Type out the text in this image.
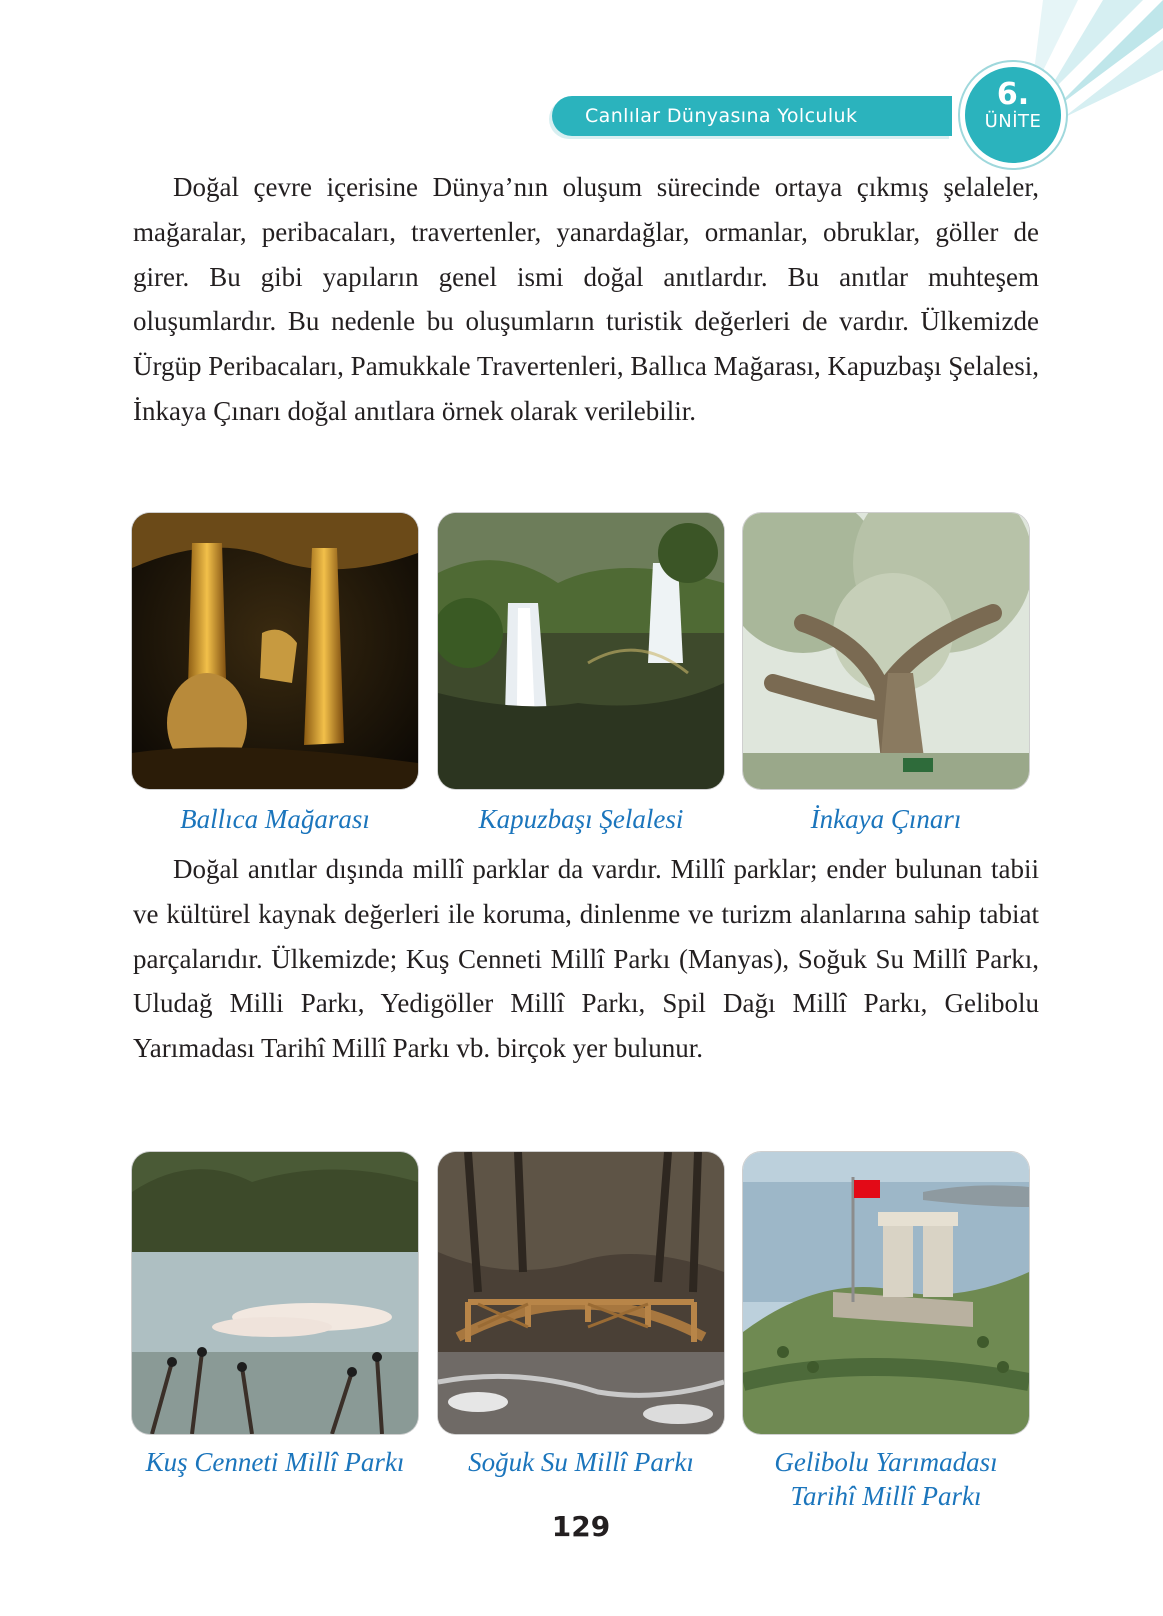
Canlılar Dünyasına Yolculuk
6.
ÜNİTE

Doğal çevre içerisine Dünya’nın oluşum sürecinde ortaya çıkmış şelaleler, mağaralar, peribacaları, travertenler, yanardağlar, ormanlar, obruklar, göller de girer. Bu gibi yapıların genel ismi doğal anıtlardır. Bu anıtlar muhteşem oluşumlardır. Bu nedenle bu oluşumların turistik değerleri de vardır. Ülkemizde Ürgüp Peribacaları, Pamukkale Travertenleri, Ballıca Mağarası, Kapuzbaşı Şelalesi, İnkaya Çınarı doğal anıtlara örnek olarak verilebilir.

Ballıca Mağarası	Kapuzbaşı Şelalesi	İnkaya Çınarı

Doğal anıtlar dışında millî parklar da vardır. Millî parklar; ender bulunan tabii ve kültürel kaynak değerleri ile koruma, dinlenme ve turizm alanlarına sahip tabiat parçalarıdır. Ülkemizde; Kuş Cenneti Millî Parkı (Manyas), Soğuk Su Millî Parkı, Uludağ Milli Parkı, Yedigöller Millî Parkı, Spil Dağı Millî Parkı, Gelibolu Yarımadası Tarihî Millî Parkı vb. birçok yer bulunur.

Kuş Cenneti Millî Parkı	Soğuk Su Millî Parkı	Gelibolu Yarımadası
Tarihî Millî Parkı
129
